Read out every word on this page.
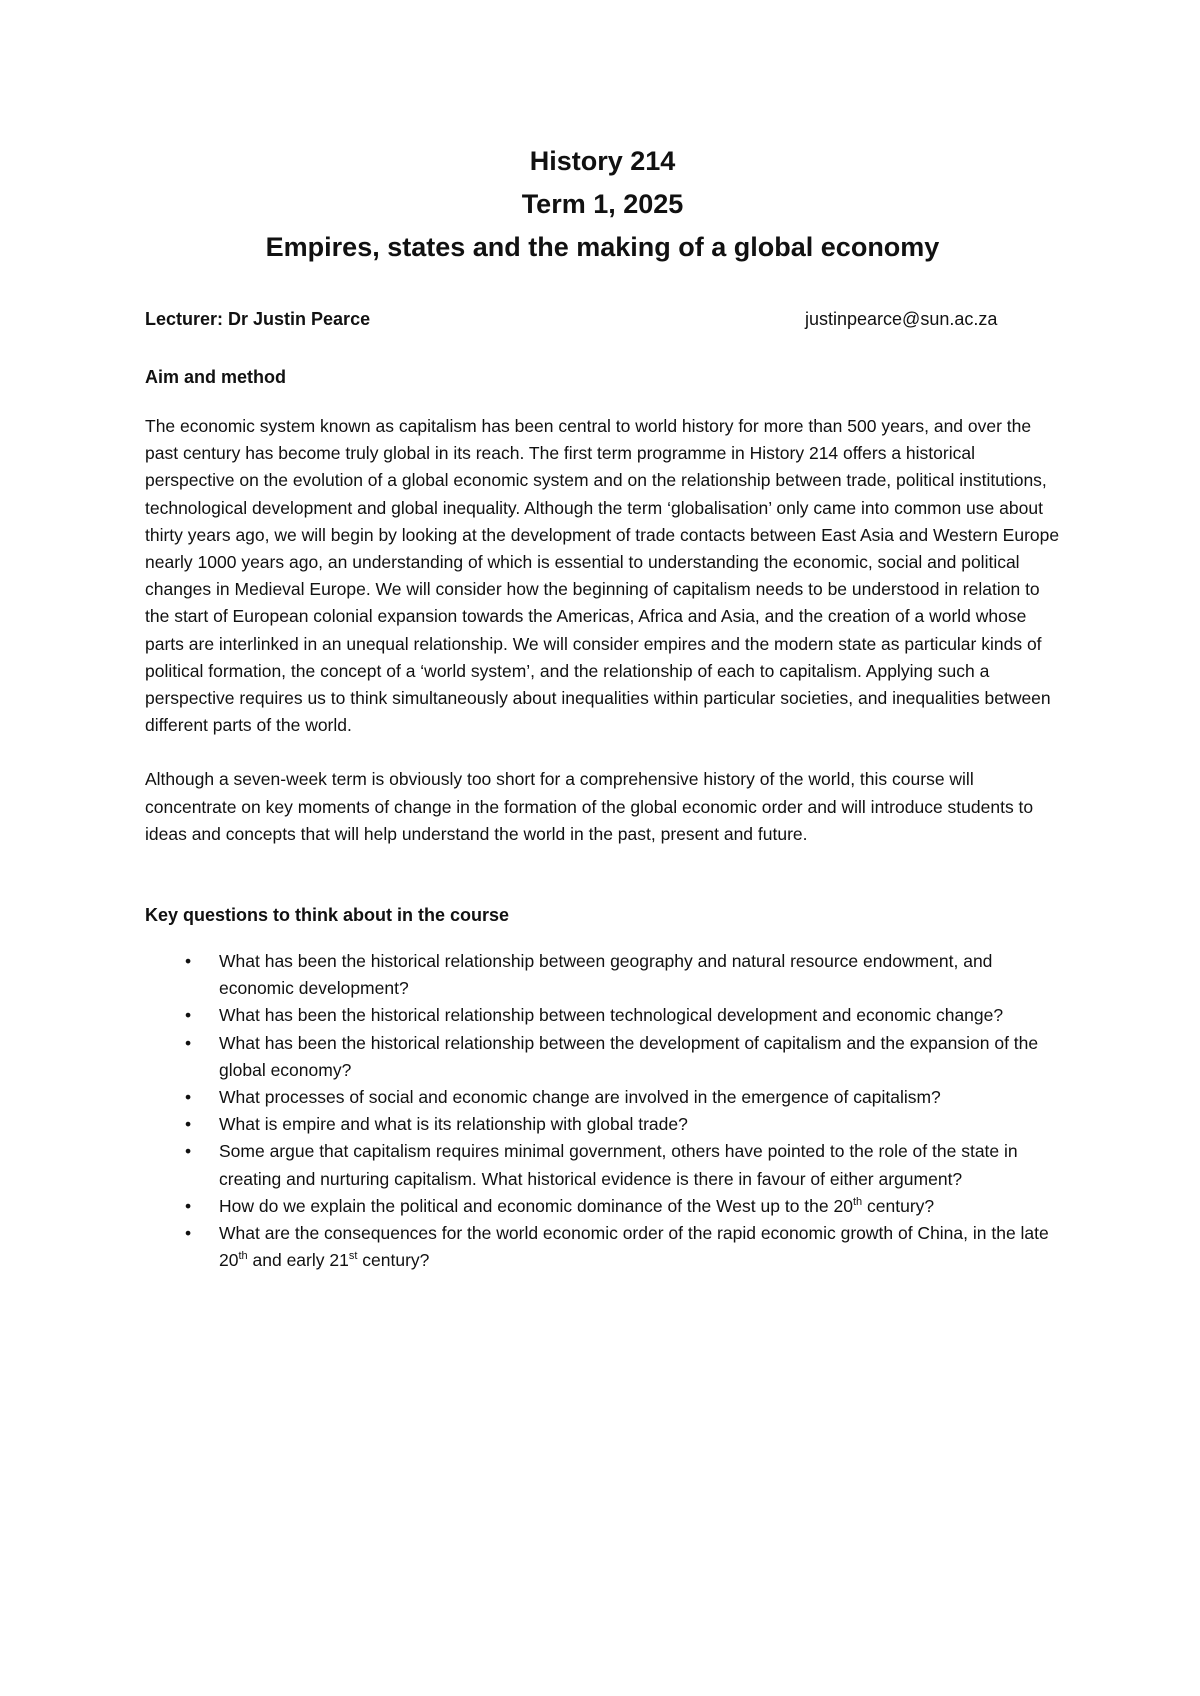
History 214

Term 1, 2025

Empires, states and the making of a global economy

Lecturer: Dr Justin Pearce	justinpearce@sun.ac.za

Aim and method

The economic system known as capitalism has been central to world history for more than 500 years, and over the past century has become truly global in its reach. The first term programme in History 214 offers a historical perspective on the evolution of a global economic system and on the relationship between trade, political institutions, technological development and global inequality. Although the term ‘globalisation’ only came into common use about thirty years ago, we will begin by looking at the development of trade contacts between East Asia and Western Europe nearly 1000 years ago, an understanding of which is essential to understanding the economic, social and political changes in Medieval Europe. We will consider how the beginning of capitalism needs to be understood in relation to the start of European colonial expansion towards the Americas, Africa and Asia, and the creation of a world whose parts are interlinked in an unequal relationship. We will consider empires and the modern state as particular kinds of political formation, the concept of a ‘world system’, and the relationship of each to capitalism. Applying such a perspective requires us to think simultaneously about inequalities within particular societies, and inequalities between different parts of the world.

Although a seven-week term is obviously too short for a comprehensive history of the world, this course will concentrate on key moments of change in the formation of the global economic order and will introduce students to ideas and concepts that will help understand the world in the past, present and future.

Key questions to think about in the course

• What has been the historical relationship between geography and natural resource endowment, and economic development?
• What has been the historical relationship between technological development and economic change?
• What has been the historical relationship between the development of capitalism and the expansion of the global economy?
• What processes of social and economic change are involved in the emergence of capitalism?
• What is empire and what is its relationship with global trade?
• Some argue that capitalism requires minimal government, others have pointed to the role of the state in creating and nurturing capitalism. What historical evidence is there in favour of either argument?
• How do we explain the political and economic dominance of the West up to the 20th century?
• What are the consequences for the world economic order of the rapid economic growth of China, in the late 20th and early 21st century?
